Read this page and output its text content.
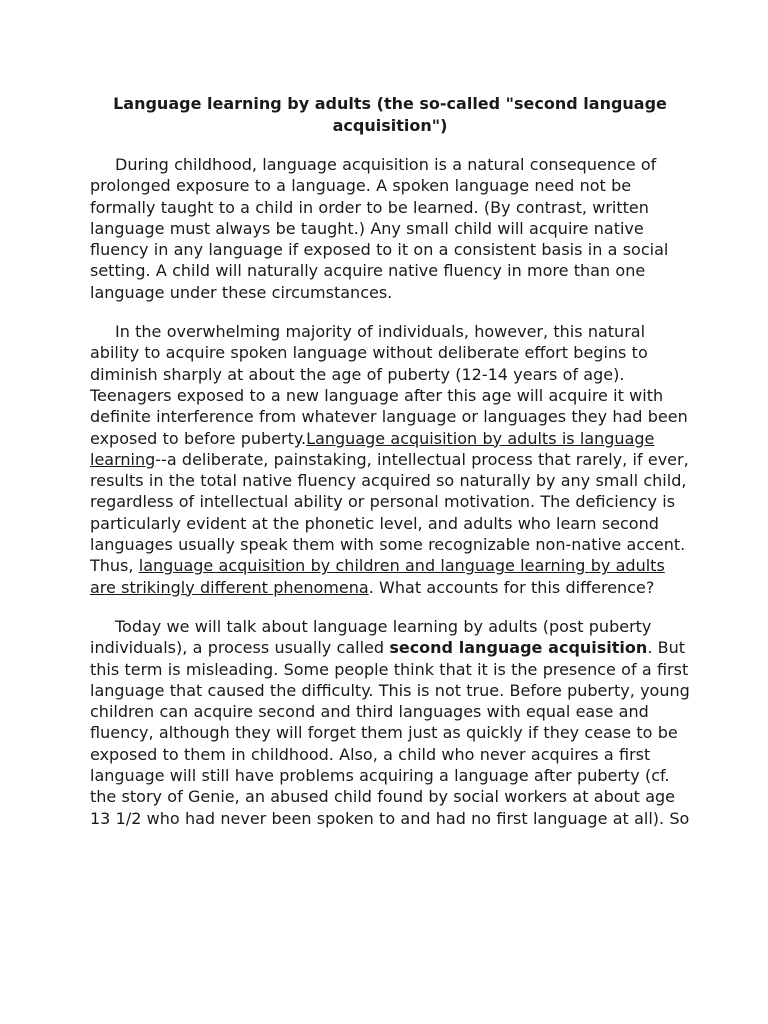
Language learning by adults (the so-called "second language acquisition")

During childhood, language acquisition is a natural consequence of prolonged exposure to a language. A spoken language need not be formally taught to a child in order to be learned. (By contrast, written language must always be taught.) Any small child will acquire native fluency in any language if exposed to it on a consistent basis in a social setting. A child will naturally acquire native fluency in more than one language under these circumstances.

In the overwhelming majority of individuals, however, this natural ability to acquire spoken language without deliberate effort begins to diminish sharply at about the age of puberty (12-14 years of age). Teenagers exposed to a new language after this age will acquire it with definite interference from whatever language or languages they had been exposed to before puberty.Language acquisition by adults is language learning--a deliberate, painstaking, intellectual process that rarely, if ever, results in the total native fluency acquired so naturally by any small child, regardless of intellectual ability or personal motivation. The deficiency is particularly evident at the phonetic level, and adults who learn second languages usually speak them with some recognizable non-native accent. Thus, language acquisition by children and language learning by adults are strikingly different phenomena. What accounts for this difference?

Today we will talk about language learning by adults (post puberty individuals), a process usually called second language acquisition. But this term is misleading. Some people think that it is the presence of a first language that caused the difficulty. This is not true. Before puberty, young children can acquire second and third languages with equal ease and fluency, although they will forget them just as quickly if they cease to be exposed to them in childhood. Also, a child who never acquires a first language will still have problems acquiring a language after puberty (cf. the story of Genie, an abused child found by social workers at about age 13 1/2 who had never been spoken to and had no first language at all). So
